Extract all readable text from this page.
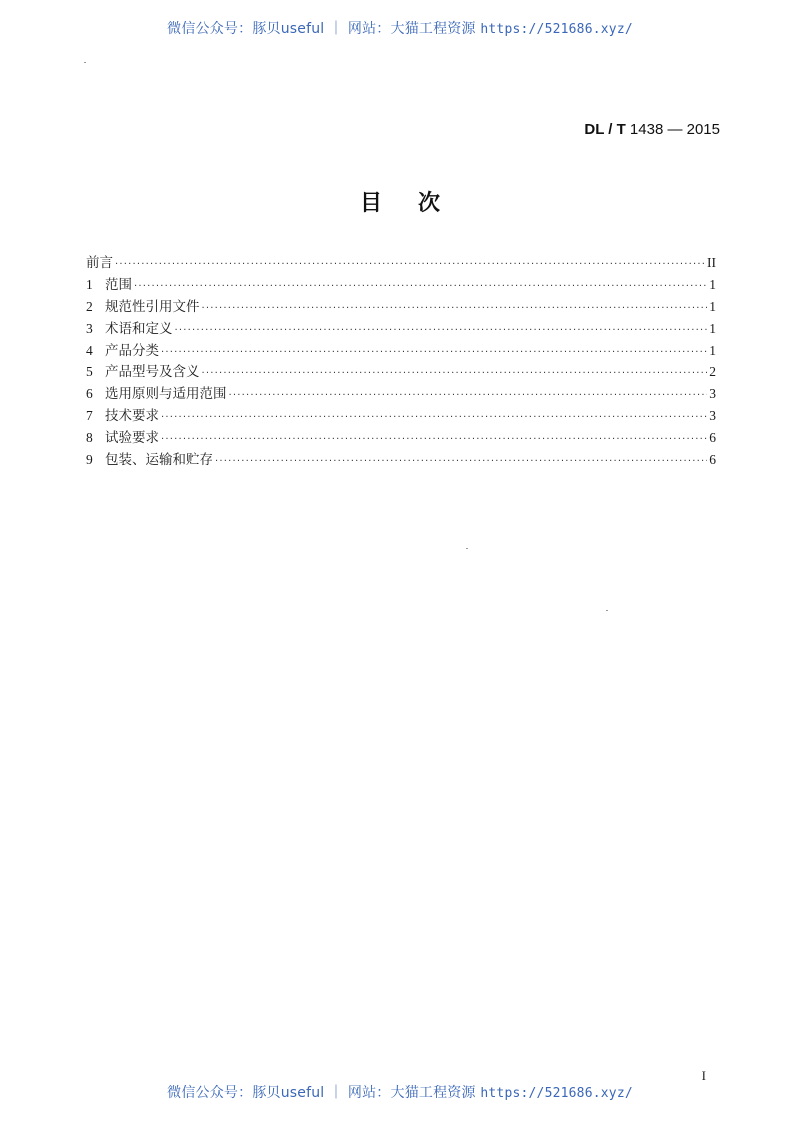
微信公众号：豚贝useful ｜ 网站：大猫工程资源 https://521686.xyz/
DL / T 1438 — 2015
目次
前言 ·····	II
1 范围 ·····	1
2 规范性引用文件 ·····	1
3 术语和定义 ·····	1
4 产品分类 ·····	1
5 产品型号及含义 ·····	2
6 选用原则与适用范围 ·····	3
7 技术要求 ·····	3
8 试验要求 ·····	6
9 包装、运输和贮存 ·····	6
I
微信公众号：豚贝useful ｜ 网站：大猫工程资源 https://521686.xyz/
